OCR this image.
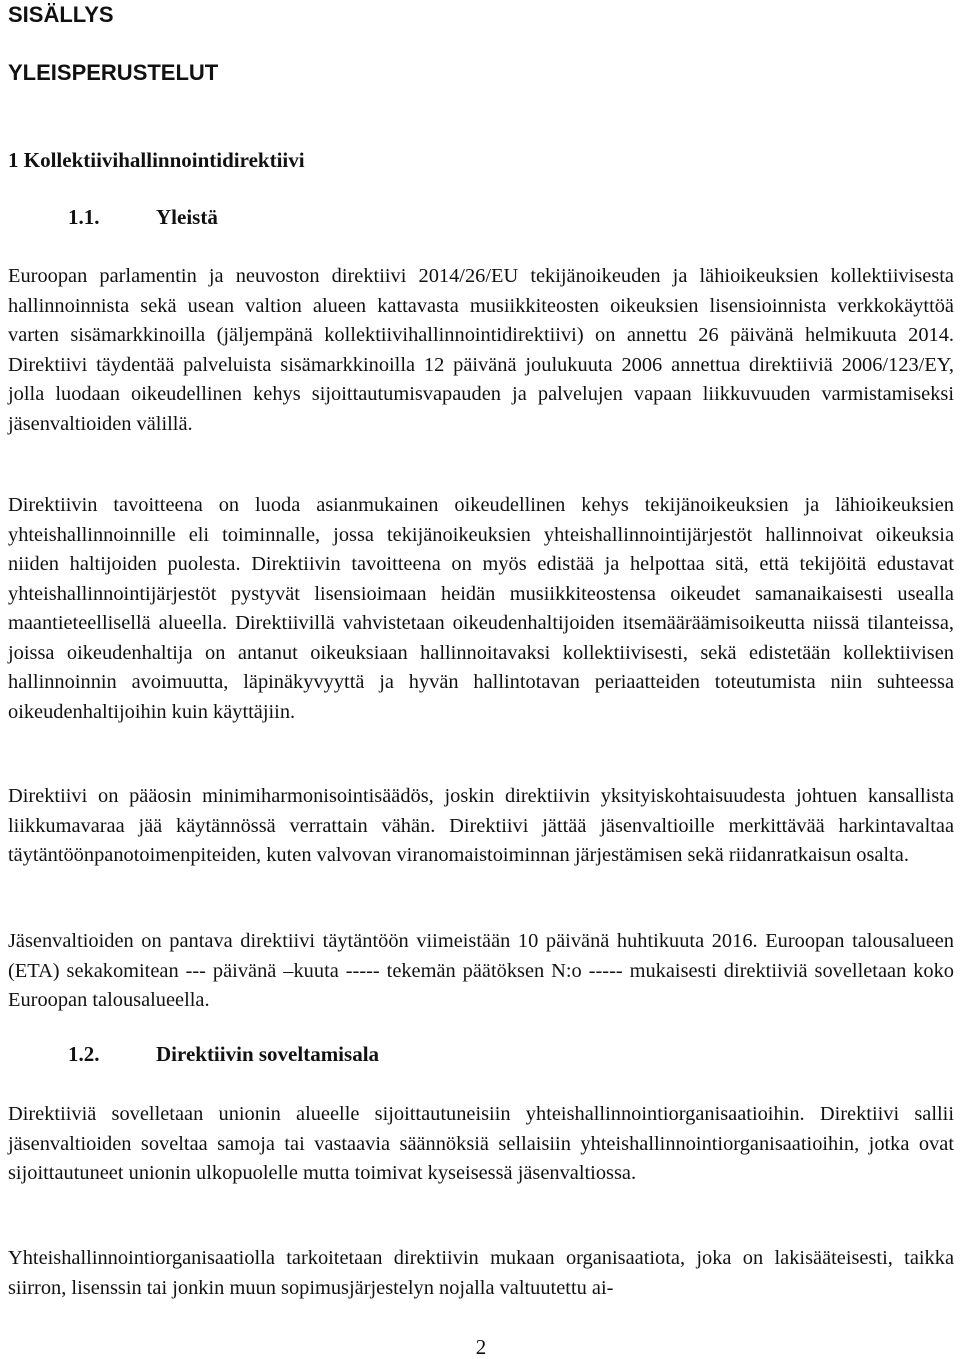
SISÄLLYS
YLEISPERUSTELUT
1 Kollektiivihallinnointidirektiivi
1.1.	Yleistä

Euroopan parlamentin ja neuvoston direktiivi 2014/26/EU tekijänoikeuden ja lähioikeuksien kollektiivisesta hallinnoinnista sekä usean valtion alueen kattavasta musiikkiteosten oikeuksien lisensioinnista verkkokäyttöä varten sisämarkkinoilla (jäljempänä kollektiivihallinnointidirektiivi) on annettu 26 päivänä helmikuuta 2014. Direktiivi täydentää palveluista sisämarkkinoilla 12 päivänä joulukuuta 2006 annettua direktiiviä 2006/123/EY, jolla luodaan oikeudellinen kehys sijoittautumisvapauden ja palvelujen vapaan liikkuvuuden varmistamiseksi jäsenvaltioiden välillä.

Direktiivin tavoitteena on luoda asianmukainen oikeudellinen kehys tekijänoikeuksien ja lähioikeuksien yhteishallinnoinnille eli toiminnalle, jossa tekijänoikeuksien yhteishallinnointijärjestöt hallinnoivat oikeuksia niiden haltijoiden puolesta. Direktiivin tavoitteena on myös edistää ja helpottaa sitä, että tekijöitä edustavat yhteishallinnointijärjestöt pystyvät lisensioimaan heidän musiikkiteostensa oikeudet samanaikaisesti usealla maantieteellisellä alueella. Direktiivillä vahvistetaan oikeudenhaltijoiden itsemääräämisoikeutta niissä tilanteissa, joissa oikeudenhaltija on antanut oikeuksiaan hallinnoitavaksi kollektiivisesti, sekä edistetään kollektiivisen hallinnoinnin avoimuutta, läpinäkyvyyttä ja hyvän hallintotavan periaatteiden toteutumista niin suhteessa oikeudenhaltijoihin kuin käyttäjiin.

Direktiivi on pääosin minimiharmonisointisäädös, joskin direktiivin yksityiskohtaisuudesta johtuen kansallista liikkumavaraa jää käytännössä verrattain vähän. Direktiivi jättää jäsenvaltioille merkittävää harkintavaltaa täytäntöönpanotoimenpiteiden, kuten valvovan viranomaistoiminnan järjestämisen sekä riidanratkaisun osalta.

Jäsenvaltioiden on pantava direktiivi täytäntöön viimeistään 10 päivänä huhtikuuta 2016. Euroopan talousalueen (ETA) sekakomitean --- päivänä –kuuta ----- tekemän päätöksen N:o ----- mukaisesti direktiiviä sovelletaan koko Euroopan talousalueella.

1.2.	Direktiivin soveltamisala

Direktiiviä sovelletaan unionin alueelle sijoittautuneisiin yhteishallinnointiorganisaatioihin. Direktiivi sallii jäsenvaltioiden soveltaa samoja tai vastaavia säännöksiä sellaisiin yhteishallinnointiorganisaatioihin, jotka ovat sijoittautuneet unionin ulkopuolelle mutta toimivat kyseisessä jäsenvaltiossa.

Yhteishallinnointiorganisaatiolla tarkoitetaan direktiivin mukaan organisaatiota, joka on lakisääteisesti, taikka siirron, lisenssin tai jonkin muun sopimusjärjestelyn nojalla valtuutettu ai-

2
